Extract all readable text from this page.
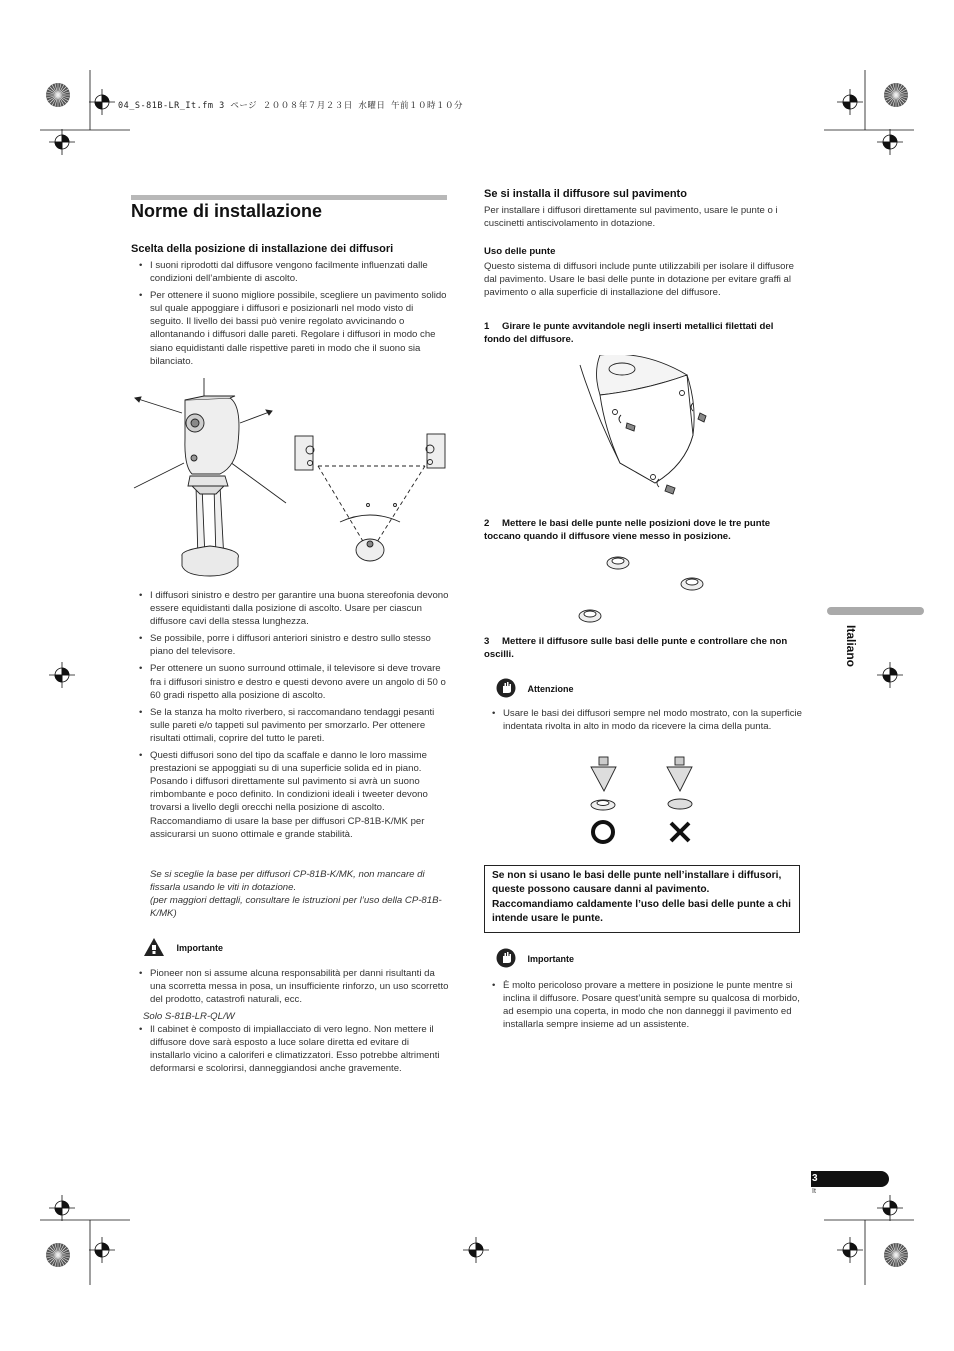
04_S-81B-LR_It.fm 3 ページ ２００８年７月２３日 水曜日 午前１０時１０分
Norme di installazione
Scelta della posizione di installazione dei diffusori
• I suoni riprodotti dal diffusore vengono facilmente influenzati dalle condizioni dell’ambiente di ascolto.
• Per ottenere il suono migliore possibile, scegliere un pavimento solido sul quale appoggiare i diffusori e posizionarli nel modo visto di seguito. Il livello dei bassi può venire regolato avvicinando o allontanando i diffusori dalle pareti. Regolare i diffusori in modo che siano equidistanti dalle rispettive pareti in modo che il suono sia bilanciato.
• I diffusori sinistro e destro per garantire una buona stereofonia devono essere equidistanti dalla posizione di ascolto. Usare per ciascun diffusore cavi della stessa lunghezza.
• Se possibile, porre i diffusori anteriori sinistro e destro sullo stesso piano del televisore.
• Per ottenere un suono surround ottimale, il televisore si deve trovare fra i diffusori sinistro e destro e questi devono avere un angolo di 50 o 60 gradi rispetto alla posizione di ascolto.
• Se la stanza ha molto riverbero, si raccomandano tendaggi pesanti sulle pareti e/o tappeti sul pavimento per smorzarlo. Per ottenere risultati ottimali, coprire del tutto le pareti.
• Questi diffusori sono del tipo da scaffale e danno le loro massime prestazioni se appoggiati su di una superficie solida ed in piano. Posando i diffusori direttamente sul pavimento si avrà un suono rimbombante e poco definito. In condizioni ideali i tweeter devono trovarsi a livello degli orecchi nella posizione di ascolto. Raccomandiamo di usare la base per diffusori CP-81B-K/MK per assicurarsi un suono ottimale e grande stabilità.
Se si sceglie la base per diffusori CP-81B-K/MK, non mancare di fissarla usando le viti in dotazione.
(per maggiori dettagli, consultare le istruzioni per l’uso della CP-81B-K/MK)
Importante
• Pioneer non si assume alcuna responsabilità per danni risultanti da una scorretta messa in posa, un insufficiente rinforzo, un uso scorretto del prodotto, catastrofi naturali, ecc.
Solo S-81B-LR-QL/W
• Il cabinet è composto di impiallacciato di vero legno. Non mettere il diffusore dove sarà esposto a luce solare diretta ed evitare di installarlo vicino a caloriferi e climatizzatori. Esso potrebbe altrimenti deformarsi e scolorirsi, danneggiandosi anche gravemente.
Se si installa il diffusore sul pavimento
Per installare i diffusori direttamente sul pavimento, usare le punte o i cuscinetti antiscivolamento in dotazione.
Uso delle punte
Questo sistema di diffusori include punte utilizzabili per isolare il diffusore dal pavimento. Usare le basi delle punte in dotazione per evitare graffi al pavimento o alla superficie di installazione del diffusore.
1 Girare le punte avvitandole negli inserti metallici filettati del fondo del diffusore.
2 Mettere le basi delle punte nelle posizioni dove le tre punte toccano quando il diffusore viene messo in posizione.
3 Mettere il diffusore sulle basi delle punte e controllare che non oscilli.
Attenzione
• Usare le basi dei diffusori sempre nel modo mostrato, con la superficie indentata rivolta in alto in modo da ricevere la cima della punta.
Se non si usano le basi delle punte nell’installare i diffusori, queste possono causare danni al pavimento. Raccomandiamo caldamente l’uso delle basi delle punte a chi intende usare le punte.
Importante
• È molto pericoloso provare a mettere in posizione le punte mentre si inclina il diffusore. Posare quest’unità sempre su qualcosa di morbido, ad esempio una coperta, in modo che non danneggi il pavimento ed installarla sempre insieme ad un assistente.
Italiano
3
It
